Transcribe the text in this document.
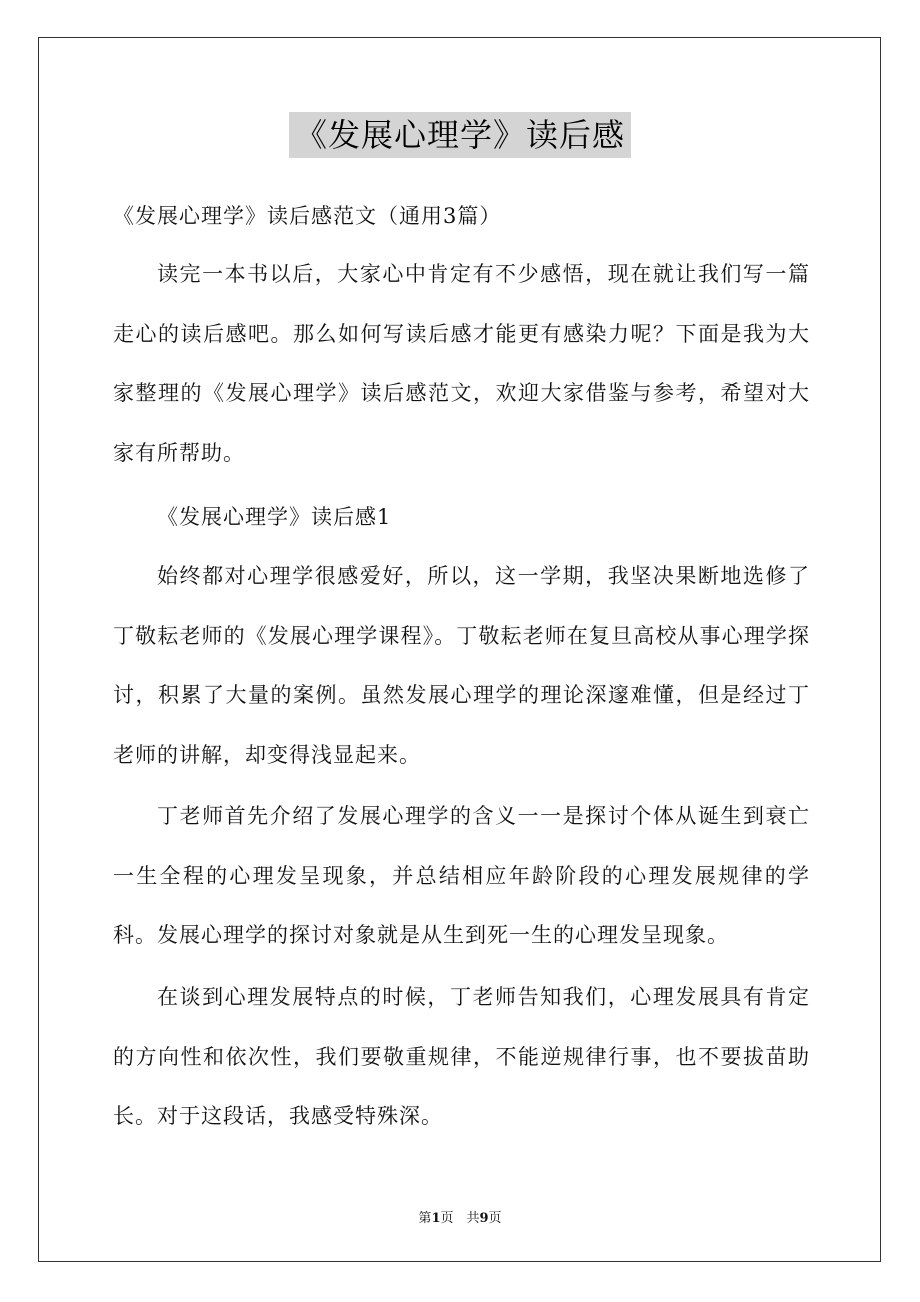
《发展心理学》读后感

《发展心理学》读后感范文（通用3篇）

读完一本书以后，大家心中肯定有不少感悟，现在就让我们写一篇走心的读后感吧。那么如何写读后感才能更有感染力呢？下面是我为大家整理的《发展心理学》读后感范文，欢迎大家借鉴与参考，希望对大家有所帮助。

《发展心理学》读后感1

始终都对心理学很感爱好，所以，这一学期，我坚决果断地选修了丁敬耘老师的《发展心理学课程》。丁敬耘老师在复旦高校从事心理学探讨，积累了大量的案例。虽然发展心理学的理论深邃难懂，但是经过丁老师的讲解，却变得浅显起来。

丁老师首先介绍了发展心理学的含义一一是探讨个体从诞生到衰亡一生全程的心理发呈现象，并总结相应年龄阶段的心理发展规律的学科。发展心理学的探讨对象就是从生到死一生的心理发呈现象。

在谈到心理发展特点的时候，丁老师告知我们，心理发展具有肯定的方向性和依次性，我们要敬重规律，不能逆规律行事，也不要拔苗助长。对于这段话，我感受特殊深。

第1页　共9页
